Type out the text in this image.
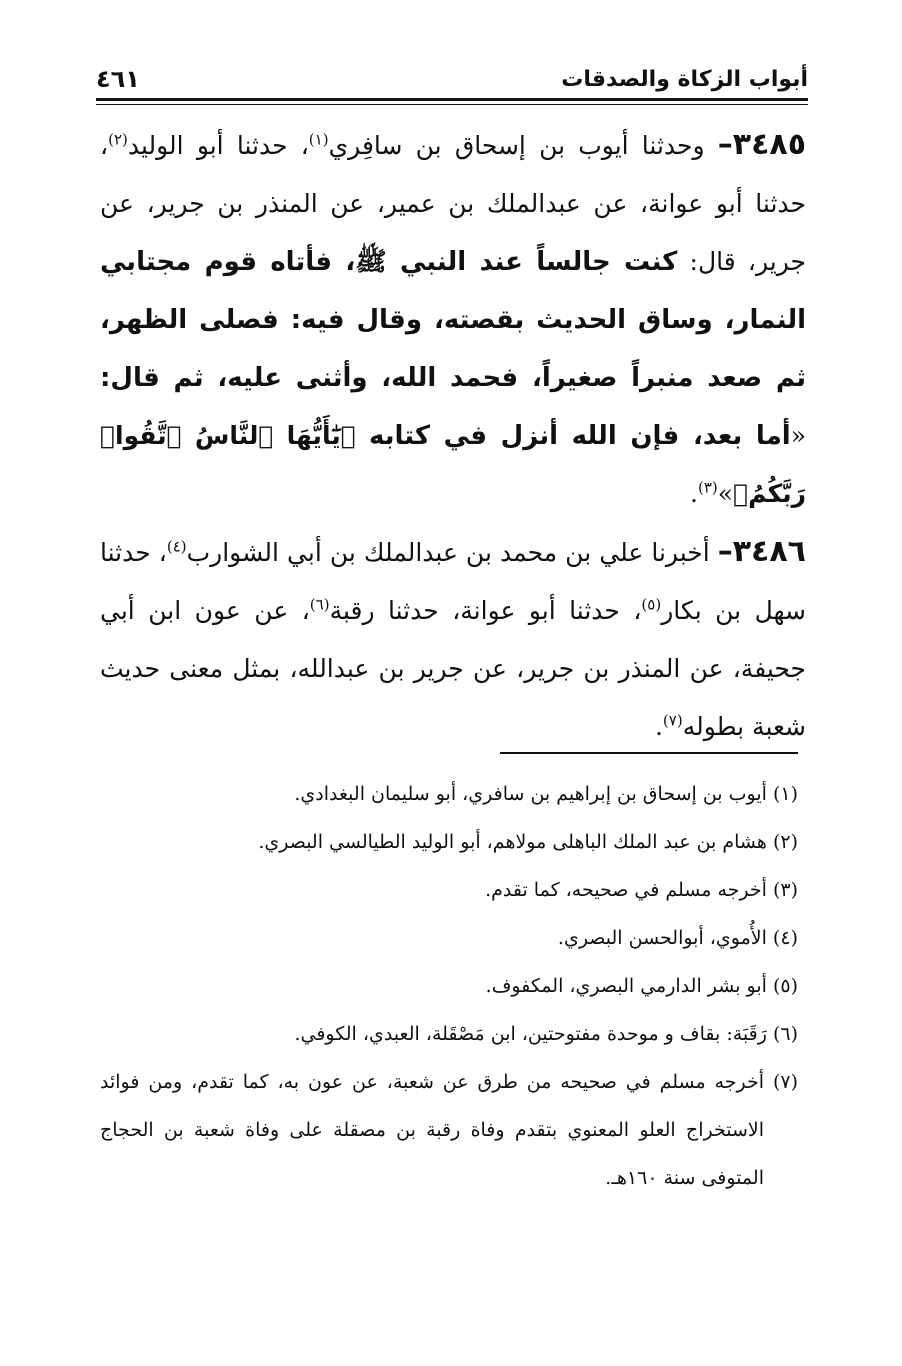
٤٦١	أبواب الزكاة والصدقات

٣٤٨٥– وحدثنا أيوب بن إسحاق بن سافِري$^{(١)}$، حدثنا أبو الوليد$^{(٢)}$، حدثنا أبو عوانة، عن عبدالملك بن عمير، عن المنذر بن جرير، عن جرير، قال: كنت جالساً عند النبي ﷺ، فأتاه قوم مجتابي النمار، وساق الحديث بقصته، وقال فيه: فصلى الظهر، ثم صعد منبراً صغيراً، فحمد الله، وأثنى عليه، ثم قال: «أما بعد، فإن الله أنزل في كتابه ﴿يَٰٓأَيُّهَا ٱلنَّاسُ ٱتَّقُوا۟ رَبَّكُمُ﴾»$^{(٣)}$.

٣٤٨٦– أخبرنا علي بن محمد بن عبدالملك بن أبي الشوارب$^{(٤)}$، حدثنا سهل بن بكار$^{(٥)}$، حدثنا أبو عوانة، حدثنا رقبة$^{(٦)}$، عن عون ابن أبي جحيفة، عن المنذر بن جرير، عن جرير بن عبدالله، بمثل معنى حديث شعبة بطوله$^{(٧)}$.

(١) أيوب بن إسحاق بن إبراهيم بن سافري، أبو سليمان البغدادي.

(٢) هشام بن عبد الملك الباهلى مولاهم، أبو الوليد الطيالسي البصري.

(٣) أخرجه مسلم في صحيحه، كما تقدم.

(٤) الأُموي، أبوالحسن البصري.

(٥) أبو بشر الدارمي البصري، المكفوف.

(٦) رَقَبَة: بقاف و موحدة مفتوحتين، ابن مَصْقَلة، العبدي، الكوفي.

(٧) أخرجه مسلم في صحيحه من طرق عن شعبة، عن عون به، كما تقدم، ومن فوائد الاستخراج العلو المعنوي بتقدم وفاة رقبة بن مصقلة على وفاة شعبة بن الحجاج المتوفى سنة ١٦٠هـ.
